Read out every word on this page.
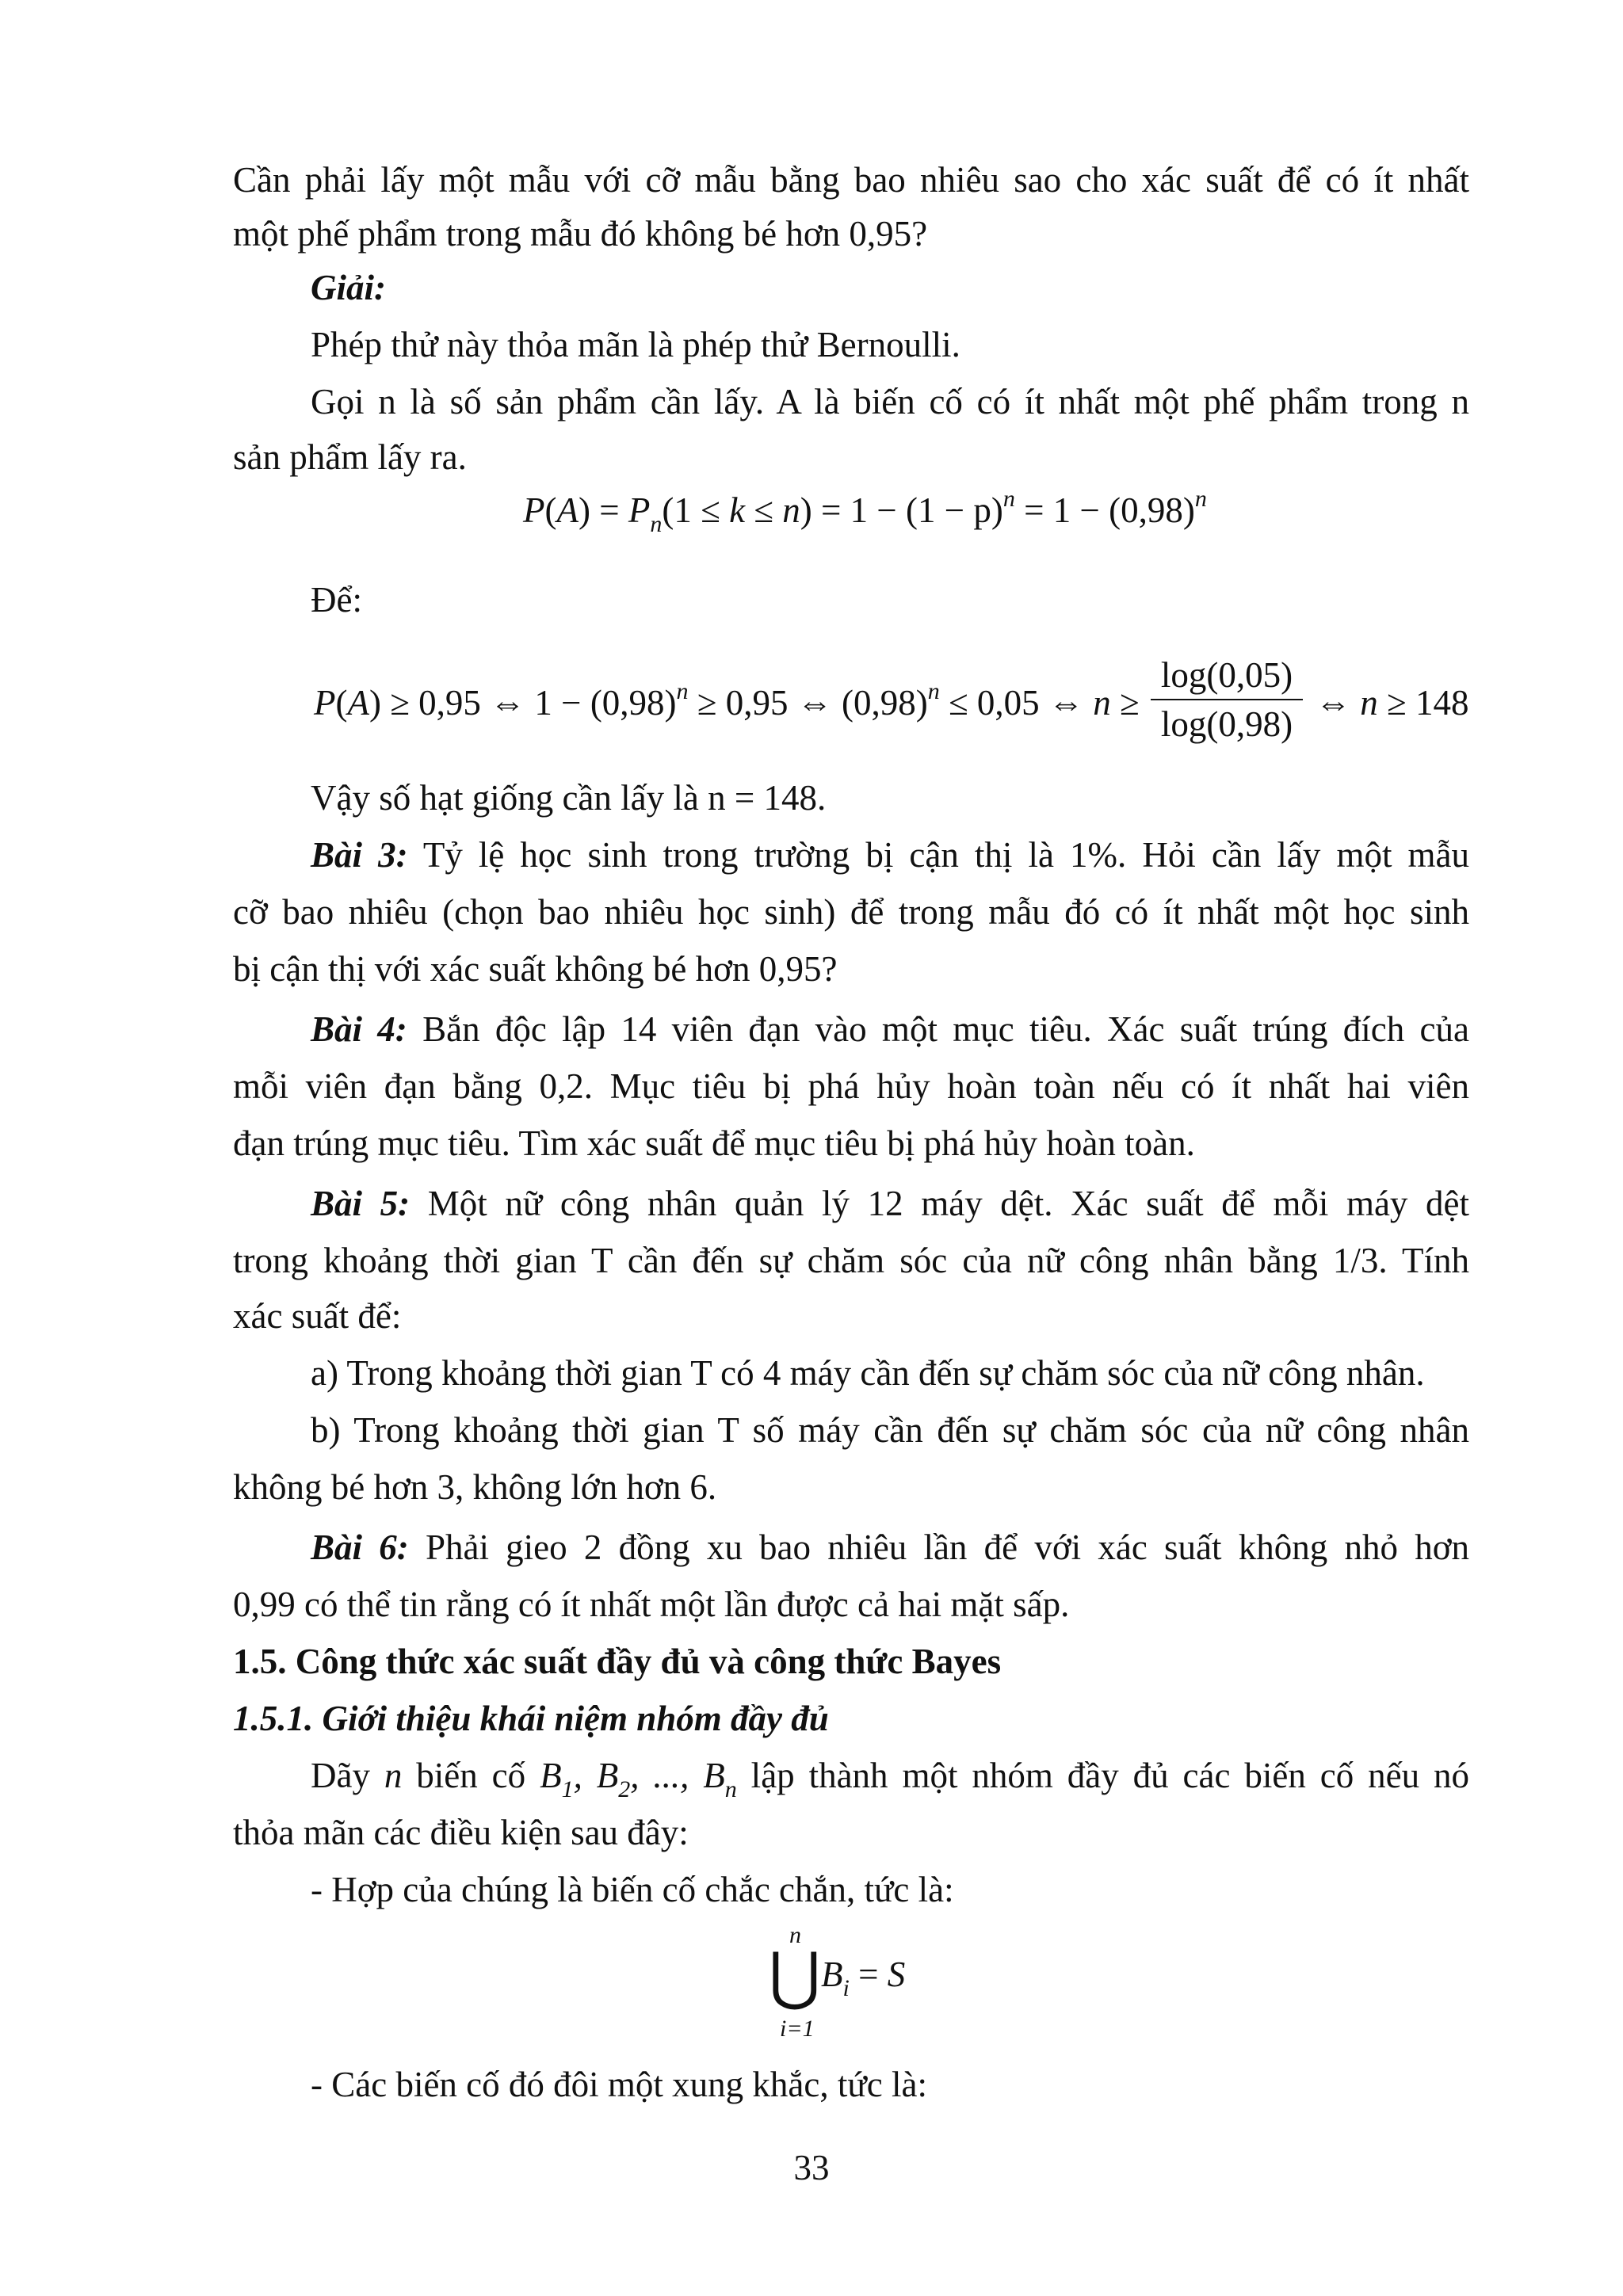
Cần phải lấy một mẫu với cỡ mẫu bằng bao nhiêu sao cho xác suất để có ít nhất
một phế phẩm trong mẫu đó không bé hơn 0,95?
Giải:
Phép thử này thỏa mãn là phép thử Bernoulli.
Gọi n là số sản phẩm cần lấy. A là biến cố có ít nhất một phế phẩm trong n
sản phẩm lấy ra.
$P(A) = P_n(1 \le k \le n) = 1 - (1 - p)^n = 1 - (0,98)^n$
Để:
P(A) ≥ 0,95 ⇔ $1 - (0,98)^n \ge 0,95$ ⇔ $(0,98)^n \le 0,05$ ⇔ n ≥
log(0,05)
log(0,98)
⇔ n ≥ 148
Vậy số hạt giống cần lấy là n = 148.
Bài 3: Tỷ lệ học sinh trong trường bị cận thị là 1%. Hỏi cần lấy một mẫu
cỡ bao nhiêu (chọn bao nhiêu học sinh) để trong mẫu đó có ít nhất một học sinh
bị cận thị với xác suất không bé hơn 0,95?
Bài 4: Bắn độc lập 14 viên đạn vào một mục tiêu. Xác suất trúng đích của
mỗi viên đạn bằng 0,2. Mục tiêu bị phá hủy hoàn toàn nếu có ít nhất hai viên
đạn trúng mục tiêu. Tìm xác suất để mục tiêu bị phá hủy hoàn toàn.
Bài 5: Một nữ công nhân quản lý 12 máy dệt. Xác suất để mỗi máy dệt
trong khoảng thời gian T cần đến sự chăm sóc của nữ công nhân bằng 1/3. Tính
xác suất để:
a) Trong khoảng thời gian T có 4 máy cần đến sự chăm sóc của nữ công nhân.
b) Trong khoảng thời gian T số máy cần đến sự chăm sóc của nữ công nhân
không bé hơn 3, không lớn hơn 6.
Bài 6: Phải gieo 2 đồng xu bao nhiêu lần để với xác suất không nhỏ hơn
0,99 có thể tin rằng có ít nhất một lần được cả hai mặt sấp.
1.5. Công thức xác suất đầy đủ và công thức Bayes
1.5.1. Giới thiệu khái niệm nhóm đầy đủ
Dãy n biến cố $B_1$, $B_2$, ..., $B_n$ lập thành một nhóm đầy đủ các biến cố nếu nó
thỏa mãn các điều kiện sau đây:
- Hợp của chúng là biến cố chắc chắn, tức là:
n
⋃ $B_i = S$
i=1
- Các biến cố đó đôi một xung khắc, tức là:
33
